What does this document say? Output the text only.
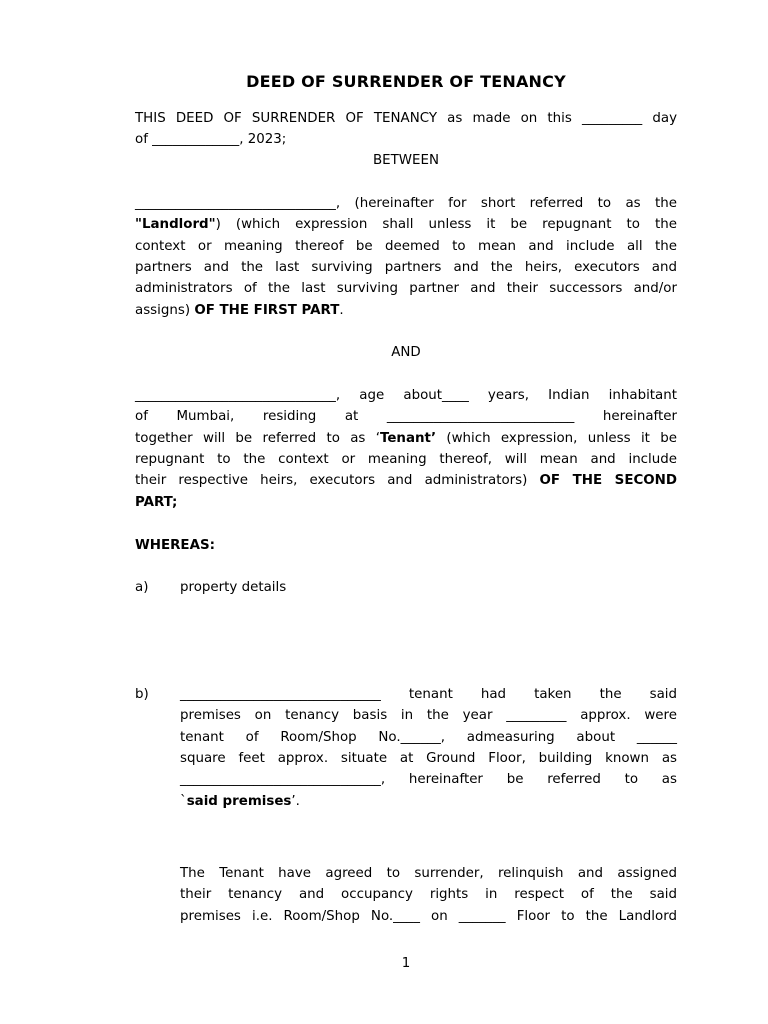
DEED OF SURRENDER OF TENANCY
THIS DEED OF SURRENDER OF TENANCY as made on this _________ day
of _____________, 2023;
BETWEEN
______________________________, (hereinafter for short referred to as the
"Landlord") (which expression shall unless it be repugnant to the
context or meaning thereof be deemed to mean and include all the
partners and the last surviving partners and the heirs, executors and
administrators of the last surviving partner and their successors and/or
assigns) OF THE FIRST PART.
AND
______________________________, age about____ years, Indian inhabitant
of Mumbai, residing at ____________________________ hereinafter
together will be referred to as ‘Tenant’ (which expression, unless it be
repugnant to the context or meaning thereof, will mean and include
their respective heirs, executors and administrators) OF THE SECOND
PART;
WHEREAS:
a) property details
b) ______________________________ tenant had taken the said
premises on tenancy basis in the year _________ approx. were
tenant of Room/Shop No.______, admeasuring about ______
square feet approx. situate at Ground Floor, building known as
______________________________, hereinafter be referred to as
`said premises’.
The Tenant have agreed to surrender, relinquish and assigned
their tenancy and occupancy rights in respect of the said
premises i.e. Room/Shop No.____ on _______ Floor to the Landlord
1
